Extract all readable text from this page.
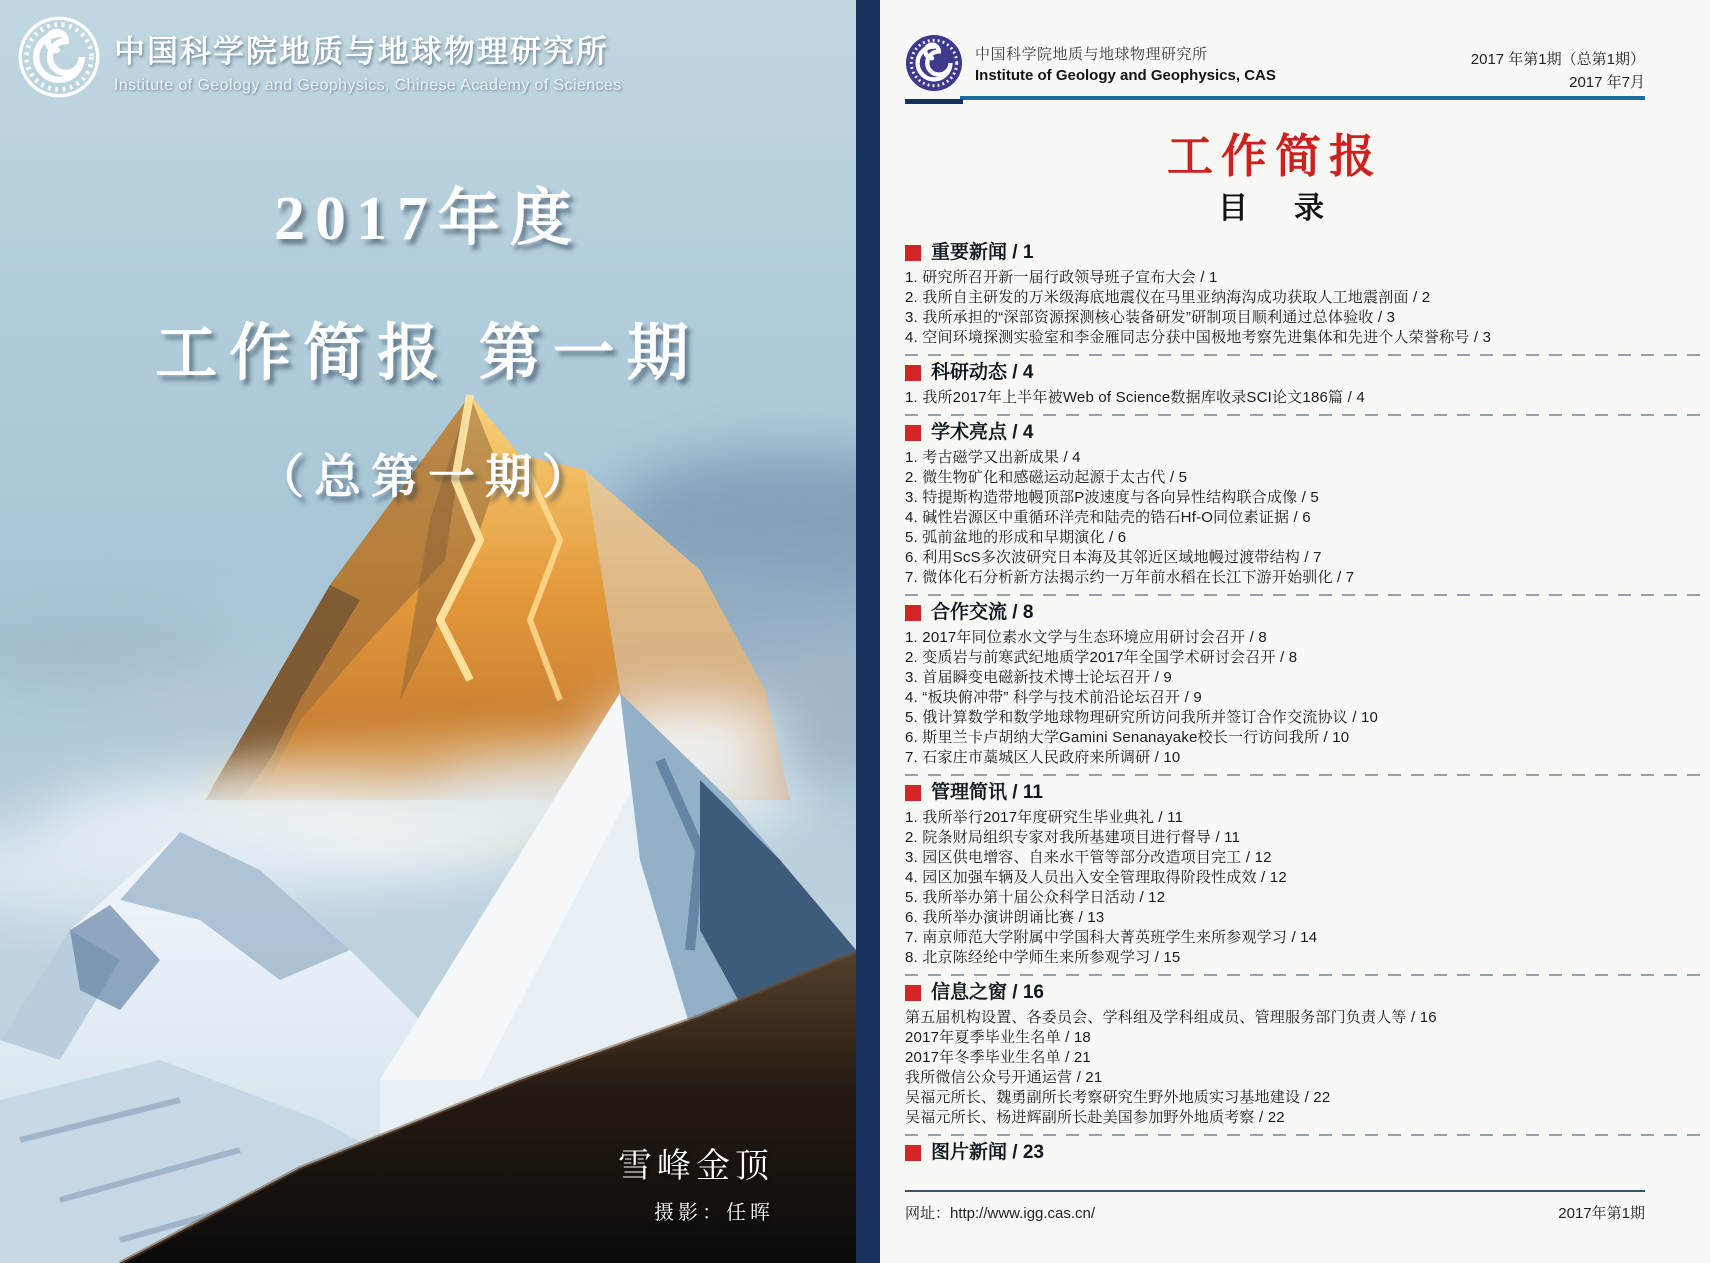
中国科学院地质与地球物理研究所
Institute of Geology and Geophysics, Chinese Academy of Sciences
2017年度
工作简报 第一期
（总第一期）
雪峰金顶
摄影：任晖
中国科学院地质与地球物理研究所
Institute of Geology and Geophysics, CAS
2017 年第1期（总第1期）
2017 年7月
工作简报
目　录
重要新闻 / 1
1. 研究所召开新一届行政领导班子宣布大会 / 1
2. 我所自主研发的万米级海底地震仪在马里亚纳海沟成功获取人工地震剖面 / 2
3. 我所承担的“深部资源探测核心装备研发”研制项目顺利通过总体验收 / 3
4. 空间环境探测实验室和李金雁同志分获中国极地考察先进集体和先进个人荣誉称号 / 3
科研动态 / 4
1. 我所2017年上半年被Web of Science数据库收录SCI论文186篇 / 4
学术亮点 / 4
1. 考古磁学又出新成果 / 4
2. 微生物矿化和感磁运动起源于太古代 / 5
3. 特提斯构造带地幔顶部P波速度与各向异性结构联合成像 / 5
4. 碱性岩源区中重循环洋壳和陆壳的锆石Hf-O同位素证据 / 6
5. 弧前盆地的形成和早期演化 / 6
6. 利用ScS多次波研究日本海及其邻近区域地幔过渡带结构 / 7
7. 微体化石分析新方法揭示约一万年前水稻在长江下游开始驯化 / 7
合作交流 / 8
1. 2017年同位素水文学与生态环境应用研讨会召开 / 8
2. 变质岩与前寒武纪地质学2017年全国学术研讨会召开 / 8
3. 首届瞬变电磁新技术博士论坛召开 / 9
4. “板块俯冲带” 科学与技术前沿论坛召开 / 9
5. 俄计算数学和数学地球物理研究所访问我所并签订合作交流协议 / 10
6. 斯里兰卡卢胡纳大学Gamini Senanayake校长一行访问我所 / 10
7. 石家庄市藁城区人民政府来所调研 / 10
管理简讯 / 11
1. 我所举行2017年度研究生毕业典礼 / 11
2. 院条财局组织专家对我所基建项目进行督导 / 11
3. 园区供电增容、自来水干管等部分改造项目完工 / 12
4. 园区加强车辆及人员出入安全管理取得阶段性成效 / 12
5. 我所举办第十届公众科学日活动 / 12
6. 我所举办演讲朗诵比赛 / 13
7. 南京师范大学附属中学国科大菁英班学生来所参观学习 / 14
8. 北京陈经纶中学师生来所参观学习 / 15
信息之窗 / 16
第五届机构设置、各委员会、学科组及学科组成员、管理服务部门负责人等 / 16
2017年夏季毕业生名单 / 18
2017年冬季毕业生名单 / 21
我所微信公众号开通运营 / 21
吴福元所长、魏勇副所长考察研究生野外地质实习基地建设 / 22
吴福元所长、杨进辉副所长赴美国参加野外地质考察 / 22
图片新闻 / 23
网址：http://www.igg.cas.cn/	2017年第1期
